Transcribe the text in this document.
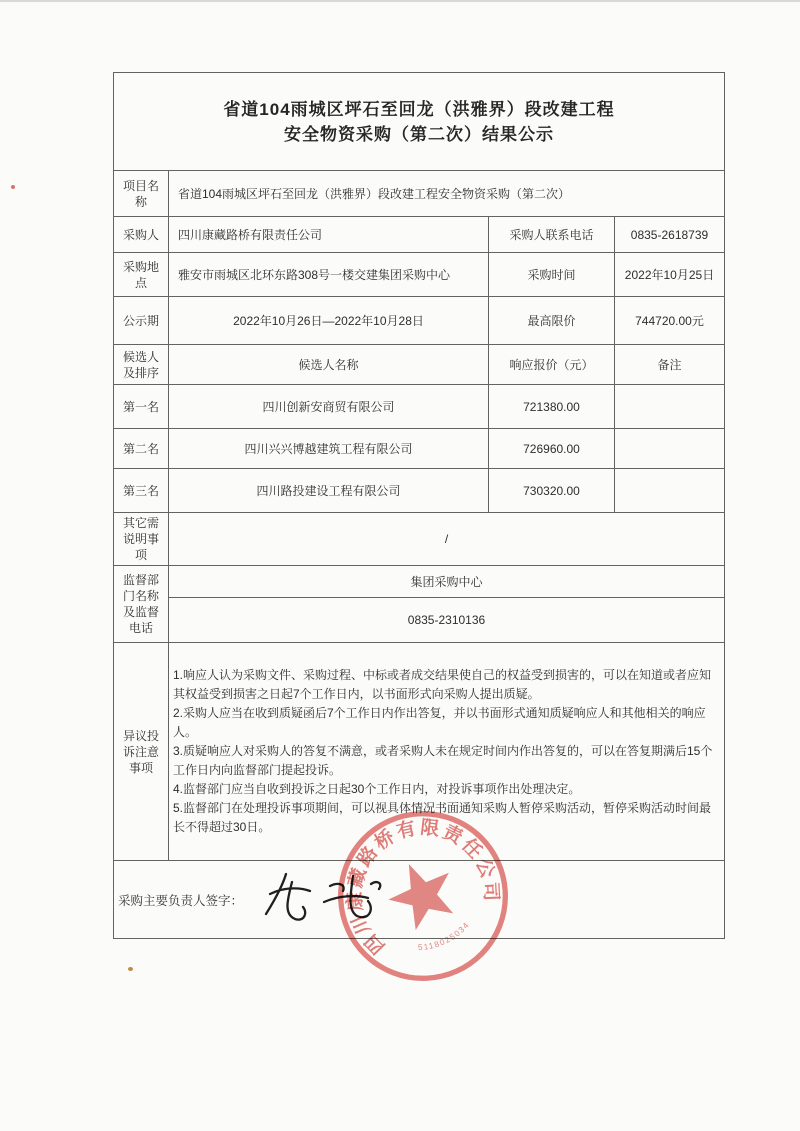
省道104雨城区坪石至回龙（洪雅界）段改建工程
安全物资采购（第二次）结果公示			

项目名称	省道104雨城区坪石至回龙（洪雅界）段改建工程安全物资采购（第二次）		
采购人	四川康藏路桥有限责任公司	采购人联系电话	0835-2618739
采购地点	雅安市雨城区北环东路308号一楼交建集团采购中心	采购时间	2022年10月25日
公示期	2022年10月26日—2022年10月28日	最高限价	744720.00元
候选人及排序	候选人名称	响应报价（元）	备注
第一名	四川创新安商贸有限公司	721380.00	
第二名	四川兴兴博越建筑工程有限公司	726960.00	
第三名	四川路投建设工程有限公司	730320.00	
其它需说明事项	/		
监督部门名称及监督电话	集团采购中心		
	0835-2310136		
异议投诉注意事项	1.响应人认为采购文件、采购过程、中标或者成交结果使自己的权益受到损害的，可以在知道或者应知其权益受到损害之日起7个工作日内，以书面形式向采购人提出质疑。
2.采购人应当在收到质疑函后7个工作日内作出答复，并以书面形式通知质疑响应人和其他相关的响应人。
3.质疑响应人对采购人的答复不满意，或者采购人未在规定时间内作出答复的，可以在答复期满后15个工作日内向监督部门提起投诉。
4.监督部门应当自收到投诉之日起30个工作日内，对投诉事项作出处理决定。
5.监督部门在处理投诉事项期间，可以视具体情况书面通知采购人暂停采购活动，暂停采购活动时间最长不得超过30日。		

采购主要负责人签字：			
四川康藏路桥有限责任公司
5118025034
